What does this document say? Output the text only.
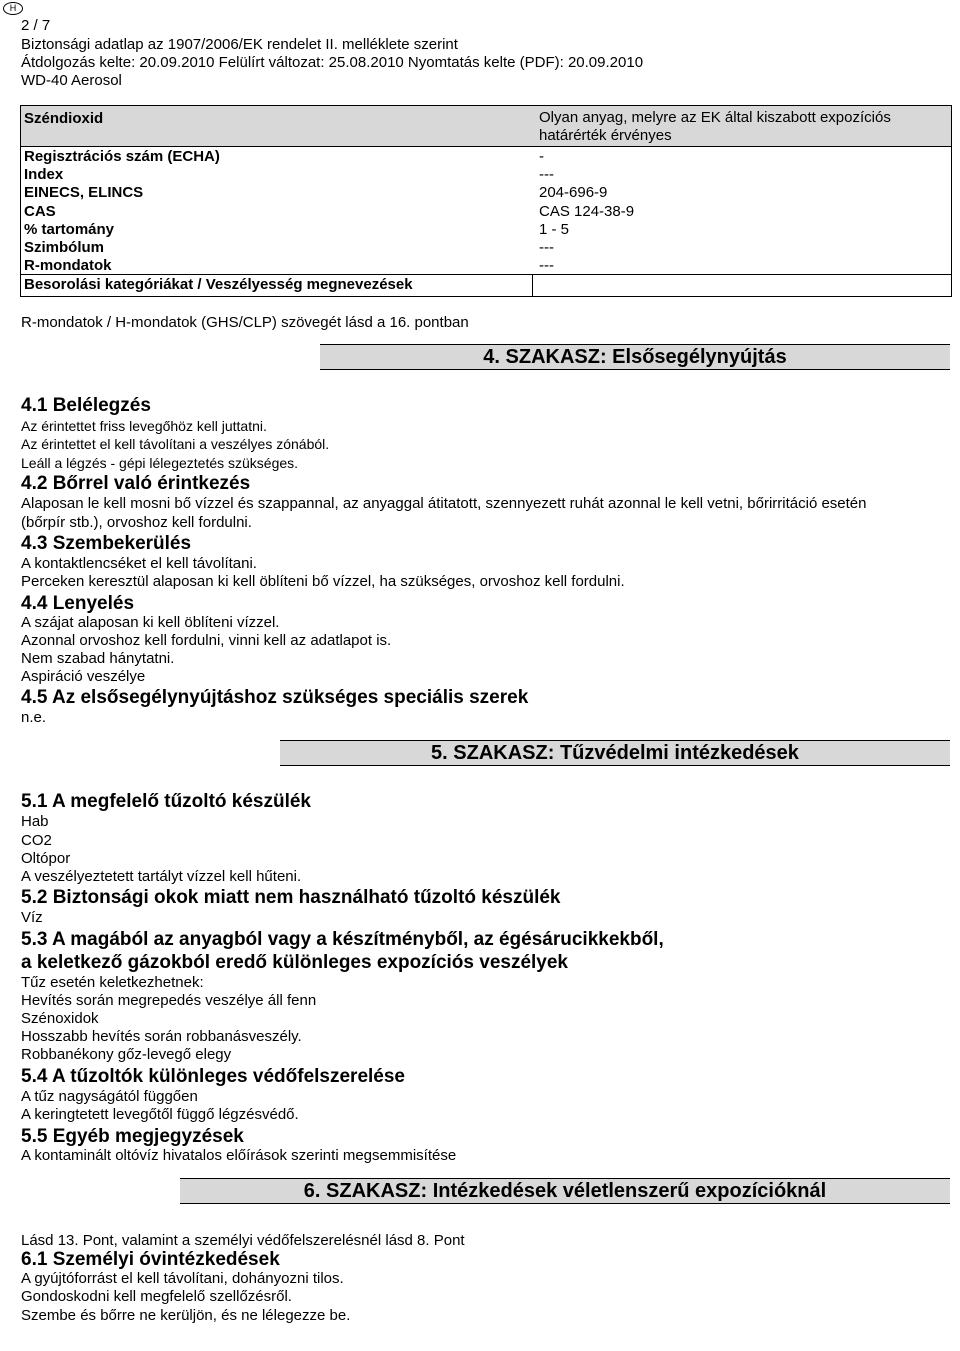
H
2 / 7
Biztonsági adatlap az 1907/2006/EK rendelet II. melléklete szerint
Átdolgozás kelte: 20.09.2010 Felülírt változat: 25.08.2010 Nyomtatás kelte (PDF): 20.09.2010
WD-40 Aerosol
Széndioxid	Olyan anyag, melyre az EK által kiszabott expozíciós
határérték érvényes
Regisztrációs szám (ECHA)	-
Index	---
EINECS, ELINCS	204-696-9
CAS	CAS 124-38-9
% tartomány	1 - 5
Szimbólum	---
R-mondatok	---
Besorolási kategóriákat / Veszélyesség megnevezések
R-mondatok / H-mondatok (GHS/CLP) szövegét lásd a 16. pontban
4. SZAKASZ: Elsősegélynyújtás
4.1 Belélegzés
Az érintettet friss levegőhöz kell juttatni.
Az érintettet el kell távolítani a veszélyes zónából.
Leáll a légzés - gépi lélegeztetés szükséges.
4.2 Bőrrel való érintkezés
Alaposan le kell mosni bő vízzel és szappannal, az anyaggal átitatott, szennyezett ruhát azonnal le kell vetni, bőrirritáció esetén
(bőrpír stb.), orvoshoz kell fordulni.
4.3 Szembekerülés
A kontaktlencséket el kell távolítani.
Perceken keresztül alaposan ki kell öblíteni bő vízzel, ha szükséges, orvoshoz kell fordulni.
4.4 Lenyelés
A szájat alaposan ki kell öblíteni vízzel.
Azonnal orvoshoz kell fordulni, vinni kell az adatlapot is.
Nem szabad hánytatni.
Aspiráció veszélye
4.5 Az elsősegélynyújtáshoz szükséges speciális szerek
n.e.
5. SZAKASZ: Tűzvédelmi intézkedések
5.1 A megfelelő tűzoltó készülék
Hab
CO2
Oltópor
A veszélyeztetett tartályt vízzel kell hűteni.
5.2 Biztonsági okok miatt nem használható tűzoltó készülék
Víz
5.3 A magából az anyagból vagy a készítményből, az égésárucikkekből,
a keletkező gázokból eredő különleges expozíciós veszélyek
Tűz esetén keletkezhetnek:
Hevítés során megrepedés veszélye áll fenn
Szénoxidok
Hosszabb hevítés során robbanásveszély.
Robbanékony gőz-levegő elegy
5.4 A tűzoltók különleges védőfelszerelése
A tűz nagyságától függően
A keringtetett levegőtől függő légzésvédő.
5.5 Egyéb megjegyzések
A kontaminált oltóvíz hivatalos előírások szerinti megsemmisítése
6. SZAKASZ: Intézkedések véletlenszerű expozícióknál
Lásd 13. Pont, valamint a személyi védőfelszerelésnél lásd 8. Pont
6.1 Személyi óvintézkedések
A gyújtóforrást el kell távolítani, dohányozni tilos.
Gondoskodni kell megfelelő szellőzésről.
Szembe és bőrre ne kerüljön, és ne lélegezze be.
